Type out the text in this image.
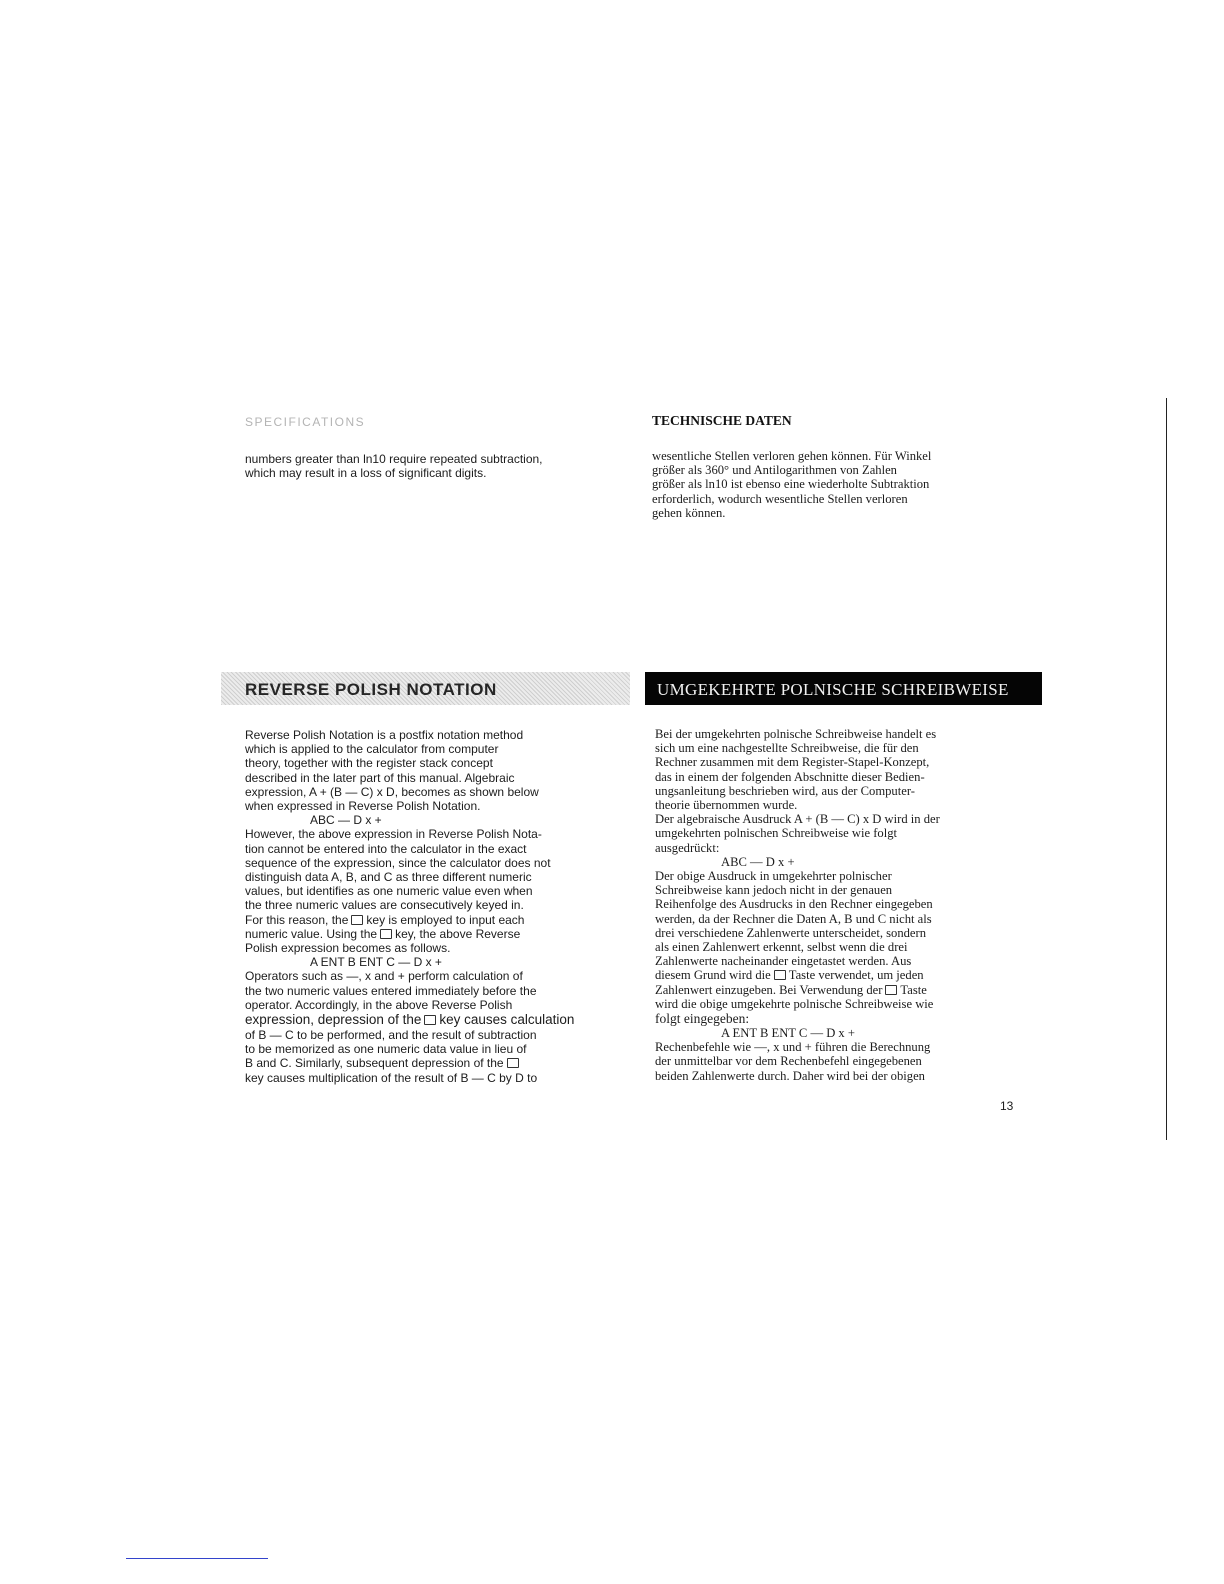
SPECIFICATIONS

numbers greater than ln10 require repeated subtraction,

which may result in a loss of significant digits.

REVERSE POLISH NOTATION

Reverse Polish Notation is a postfix notation method

which is applied to the calculator from computer

theory, together with the register stack concept

described in the later part of this manual. Algebraic

expression, A + (B — C) x D, becomes as shown below

when expressed in Reverse Polish Notation.

ABC — D x +

However, the above expression in Reverse Polish Nota-

tion cannot be entered into the calculator in the exact

sequence of the expression, since the calculator does not

distinguish data A, B, and C as three different numeric

values, but identifies as one numeric value even when

the three numeric values are consecutively keyed in.

For this reason, the key is employed to input each

numeric value. Using the key, the above Reverse

Polish expression becomes as follows.

A ENT B ENT C — D x +

Operators such as —, x and + perform calculation of

the two numeric values entered immediately before the

operator. Accordingly, in the above Reverse Polish

expression, depression of the key causes calculation

of B — C to be performed, and the result of subtraction

to be memorized as one numeric data value in lieu of

B and C. Similarly, subsequent depression of the

key causes multiplication of the result of B — C by D to

TECHNISCHE DATEN

wesentliche Stellen verloren gehen können. Für Winkel

größer als 360° und Antilogarithmen von Zahlen

größer als ln10 ist ebenso eine wiederholte Subtraktion

erforderlich, wodurch wesentliche Stellen verloren

gehen können.

UMGEKEHRTE POLNISCHE SCHREIBWEISE

Bei der umgekehrten polnische Schreibweise handelt es

sich um eine nachgestellte Schreibweise, die für den

Rechner zusammen mit dem Register-Stapel-Konzept,

das in einem der folgenden Abschnitte dieser Bedien-

ungsanleitung beschrieben wird, aus der Computer-

theorie übernommen wurde.

Der algebraische Ausdruck A + (B — C) x D wird in der

umgekehrten polnischen Schreibweise wie folgt

ausgedrückt:

ABC — D x +

Der obige Ausdruck in umgekehrter polnischer

Schreibweise kann jedoch nicht in der genauen

Reihenfolge des Ausdrucks in den Rechner eingegeben

werden, da der Rechner die Daten A, B und C nicht als

drei verschiedene Zahlenwerte unterscheidet, sondern

als einen Zahlenwert erkennt, selbst wenn die drei

Zahlenwerte nacheinander eingetastet werden. Aus

diesem Grund wird die Taste verwendet, um jeden

Zahlenwert einzugeben. Bei Verwendung der Taste

wird die obige umgekehrte polnische Schreibweise wie

folgt eingegeben:

A ENT B ENT C — D x +

Rechenbefehle wie —, x und + führen die Berechnung

der unmittelbar vor dem Rechenbefehl eingegebenen

beiden Zahlenwerte durch. Daher wird bei der obigen

13
